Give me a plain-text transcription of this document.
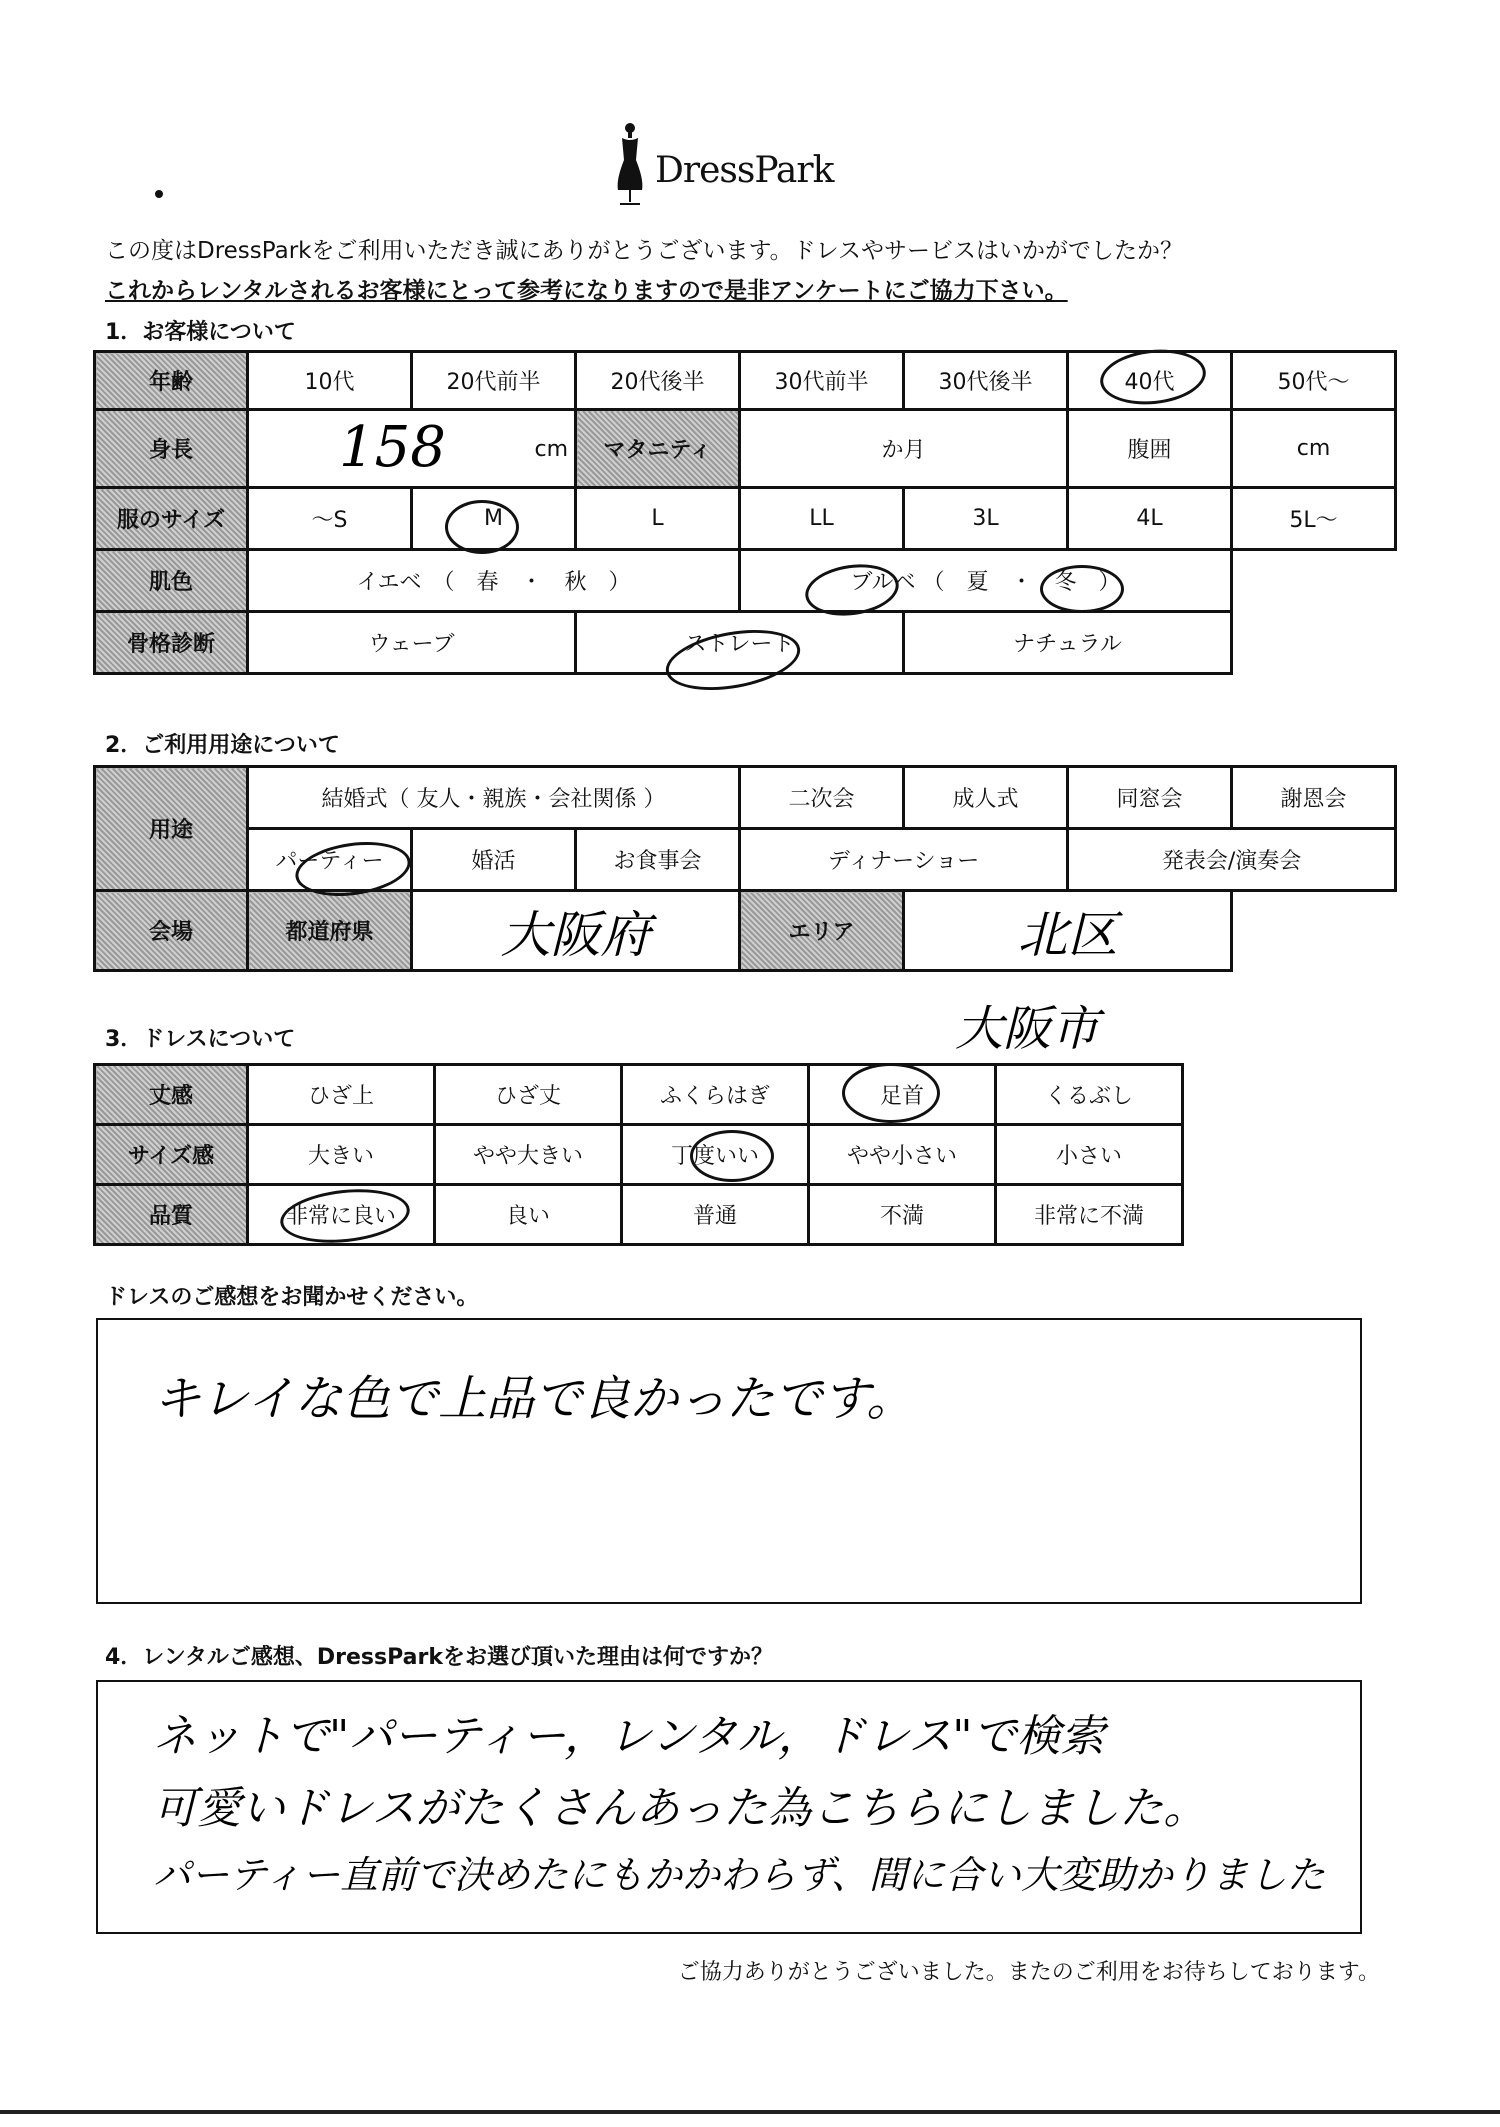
DressPark
この度はDressParkをご利用いただき誠にありがとうございます。ドレスやサービスはいかがでしたか？
これからレンタルされるお客様にとって参考になりますので是非アンケートにご協力下さい。
1．お客様について
年齢	10代	20代前半	20代後半	30代前半	30代後半	40代	50代〜
身長	158 cm		マタニティ	か月		腹囲	cm
服のサイズ	〜S	M	L	LL	3L	4L	5L〜
肌色	イエベ　（　春　・　秋　）			ブルベ （　夏　・　冬　）			
骨格診断	ウェーブ		ストレート		ナチュラル		
2．ご利用用途について
用途	結婚式（ 友人・親族・会社関係 ）			二次会	成人式	同窓会	謝恩会
	パーティー	婚活	お食事会	ディナーショー		発表会/演奏会	
会場	都道府県	大阪府		エリア	北区		
大阪市
3．ドレスについて
丈感	ひざ上	ひざ丈	ふくらはぎ	足首	くるぶし
サイズ感	大きい	やや大きい	丁度いい	やや小さい	小さい
品質	非常に良い	良い	普通	不満	非常に不満
ドレスのご感想をお聞かせください。
キレイな色で上品で良かったです。
4．レンタルご感想、DressParkをお選び頂いた理由は何ですか？
ネットで"パーティー，レンタル，ドレス"で検索
可愛いドレスがたくさんあった為こちらにしました。
パーティー直前で決めたにもかかわらず、間に合い大変助かりました
ご協力ありがとうございました。またのご利用をお待ちしております。
